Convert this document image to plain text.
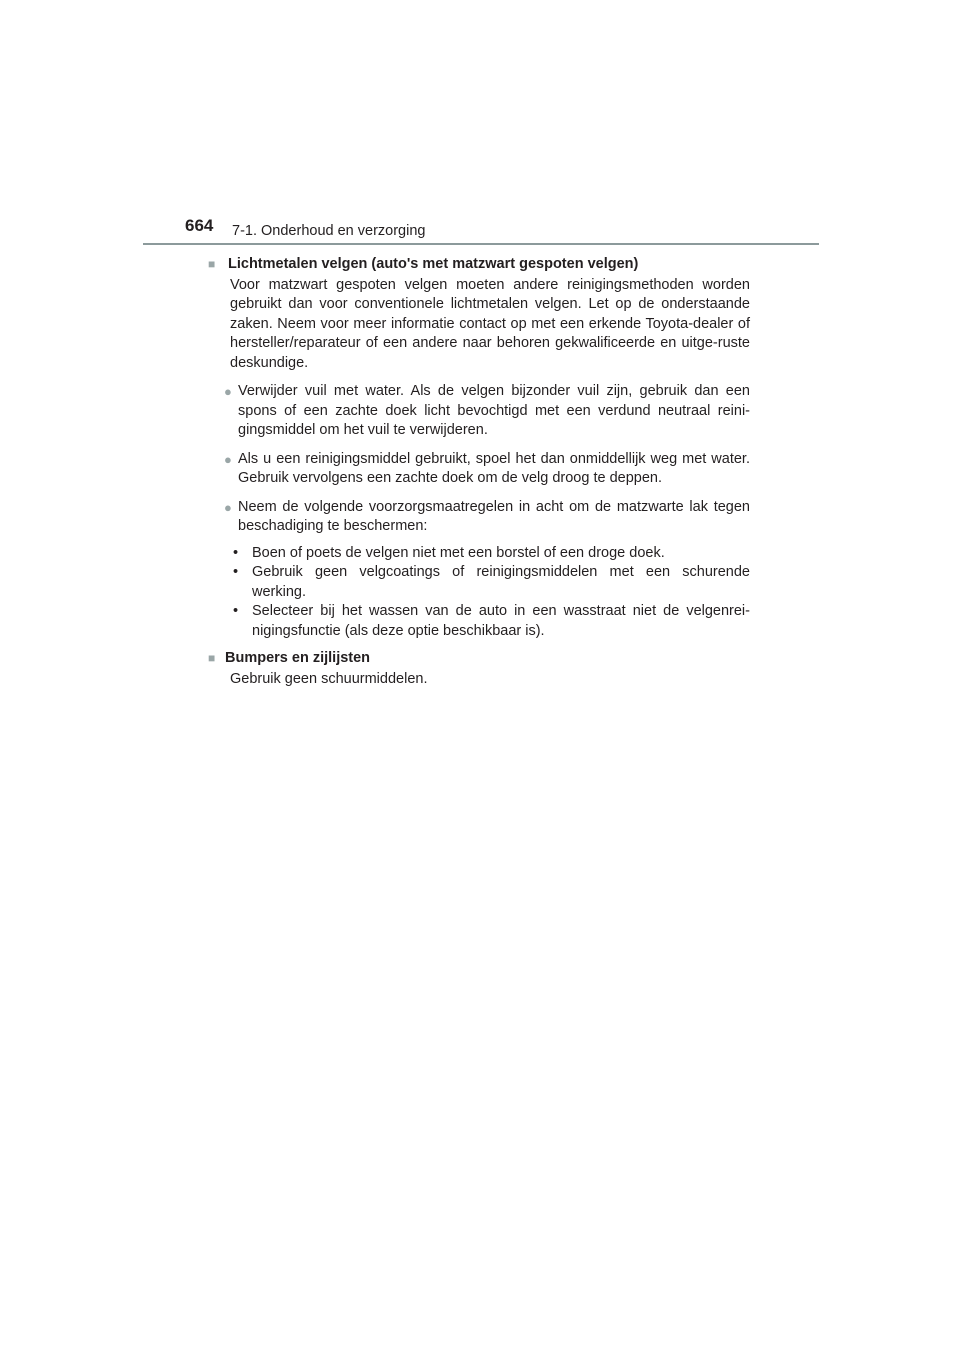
664 7-1. Onderhoud en verzorging
■ Lichtmetalen velgen (auto's met matzwart gespoten velgen)
Voor matzwart gespoten velgen moeten andere reinigingsmethoden worden gebruikt dan voor conventionele lichtmetalen velgen. Let op de onderstaande zaken. Neem voor meer informatie contact op met een erkende Toyota-dealer of hersteller/reparateur of een andere naar behoren gekwalificeerde en uitge-ruste deskundige.
● Verwijder vuil met water. Als de velgen bijzonder vuil zijn, gebruik dan een spons of een zachte doek licht bevochtigd met een verdund neutraal reini-gingsmiddel om het vuil te verwijderen.
● Als u een reinigingsmiddel gebruikt, spoel het dan onmiddellijk weg met water. Gebruik vervolgens een zachte doek om de velg droog te deppen.
● Neem de volgende voorzorgsmaatregelen in acht om de matzwarte lak tegen beschadiging te beschermen:
• Boen of poets de velgen niet met een borstel of een droge doek.
• Gebruik geen velgcoatings of reinigingsmiddelen met een schurende werking.
• Selecteer bij het wassen van de auto in een wasstraat niet de velgenrei-nigingsfunctie (als deze optie beschikbaar is).
■ Bumpers en zijlijsten
Gebruik geen schuurmiddelen.
